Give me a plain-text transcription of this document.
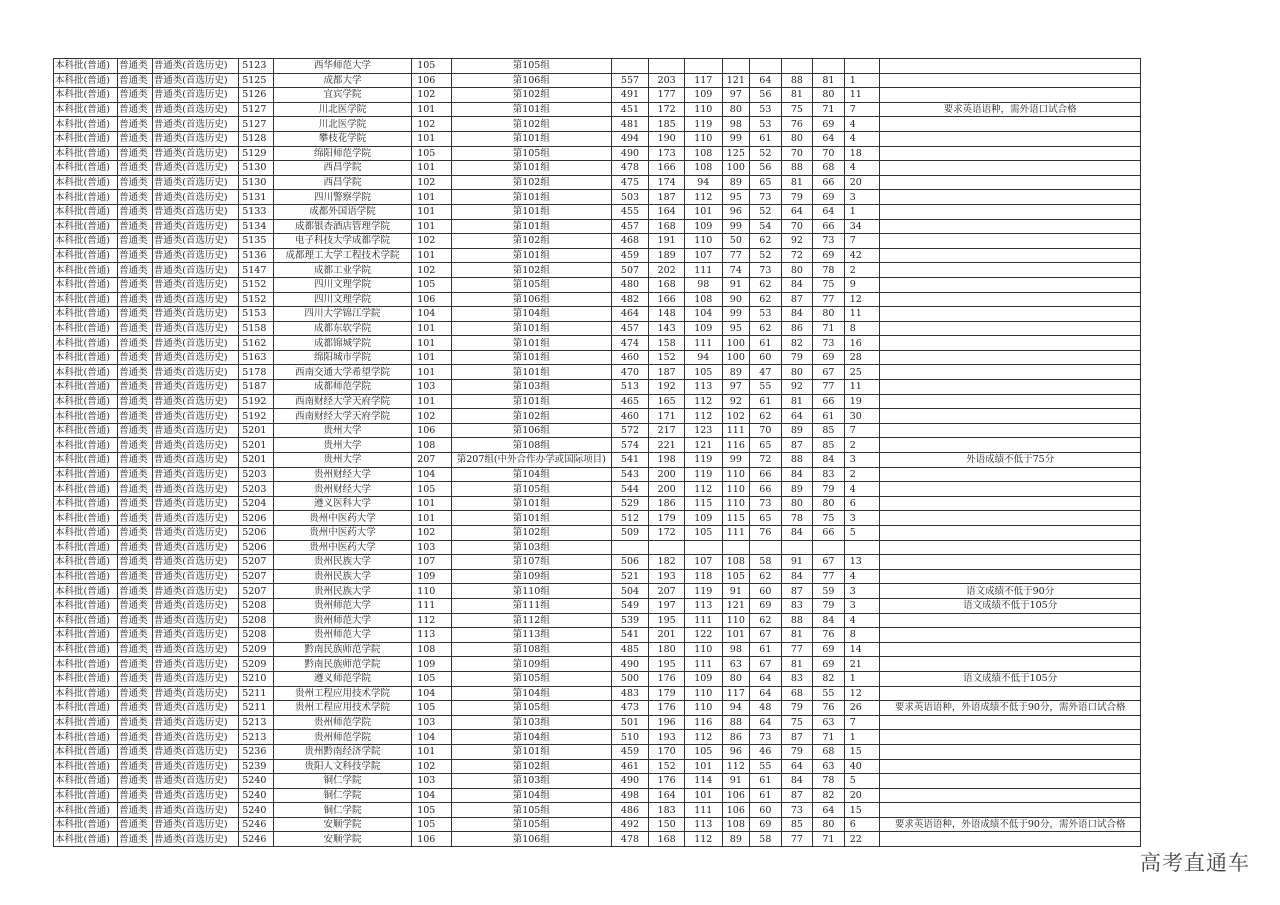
本科批(普通)	普通类	普通类(首选历史)	5123	西华师范大学	105	第105组									
本科批(普通)	普通类	普通类(首选历史)	5125	成都大学	106	第106组	557	203	117	121	64	88	81	1	
本科批(普通)	普通类	普通类(首选历史)	5126	宜宾学院	102	第102组	491	177	109	97	56	81	80	11	
本科批(普通)	普通类	普通类(首选历史)	5127	川北医学院	101	第101组	451	172	110	80	53	75	71	7	要求英语语种，需外语口试合格
本科批(普通)	普通类	普通类(首选历史)	5127	川北医学院	102	第102组	481	185	119	98	53	76	69	4	
本科批(普通)	普通类	普通类(首选历史)	5128	攀枝花学院	101	第101组	494	190	110	99	61	80	64	4	
本科批(普通)	普通类	普通类(首选历史)	5129	绵阳师范学院	105	第105组	490	173	108	125	52	70	70	18	
本科批(普通)	普通类	普通类(首选历史)	5130	西昌学院	101	第101组	478	166	108	100	56	88	68	4	
本科批(普通)	普通类	普通类(首选历史)	5130	西昌学院	102	第102组	475	174	94	89	65	81	66	20	
本科批(普通)	普通类	普通类(首选历史)	5131	四川警察学院	101	第101组	503	187	112	95	73	79	69	3	
本科批(普通)	普通类	普通类(首选历史)	5133	成都外国语学院	101	第101组	455	164	101	96	52	64	64	1	
本科批(普通)	普通类	普通类(首选历史)	5134	成都银杏酒店管理学院	101	第101组	457	168	109	99	54	70	66	34	
本科批(普通)	普通类	普通类(首选历史)	5135	电子科技大学成都学院	102	第102组	468	191	110	50	62	92	73	7	
本科批(普通)	普通类	普通类(首选历史)	5136	成都理工大学工程技术学院	101	第101组	459	189	107	77	52	72	69	42	
本科批(普通)	普通类	普通类(首选历史)	5147	成都工业学院	102	第102组	507	202	111	74	73	80	78	2	
本科批(普通)	普通类	普通类(首选历史)	5152	四川文理学院	105	第105组	480	168	98	91	62	84	75	9	
本科批(普通)	普通类	普通类(首选历史)	5152	四川文理学院	106	第106组	482	166	108	90	62	87	77	12	
本科批(普通)	普通类	普通类(首选历史)	5153	四川大学锦江学院	104	第104组	464	148	104	99	53	84	80	11	
本科批(普通)	普通类	普通类(首选历史)	5158	成都东软学院	101	第101组	457	143	109	95	62	86	71	8	
本科批(普通)	普通类	普通类(首选历史)	5162	成都锦城学院	101	第101组	474	158	111	100	61	82	73	16	
本科批(普通)	普通类	普通类(首选历史)	5163	绵阳城市学院	101	第101组	460	152	94	100	60	79	69	28	
本科批(普通)	普通类	普通类(首选历史)	5178	西南交通大学希望学院	101	第101组	470	187	105	89	47	80	67	25	
本科批(普通)	普通类	普通类(首选历史)	5187	成都师范学院	103	第103组	513	192	113	97	55	92	77	11	
本科批(普通)	普通类	普通类(首选历史)	5192	西南财经大学天府学院	101	第101组	465	165	112	92	61	81	66	19	
本科批(普通)	普通类	普通类(首选历史)	5192	西南财经大学天府学院	102	第102组	460	171	112	102	62	64	61	30	
本科批(普通)	普通类	普通类(首选历史)	5201	贵州大学	106	第106组	572	217	123	111	70	89	85	7	
本科批(普通)	普通类	普通类(首选历史)	5201	贵州大学	108	第108组	574	221	121	116	65	87	85	2	
本科批(普通)	普通类	普通类(首选历史)	5201	贵州大学	207	第207组(中外合作办学或国际项目)	541	198	119	99	72	88	84	3	外语成绩不低于75分
本科批(普通)	普通类	普通类(首选历史)	5203	贵州财经大学	104	第104组	543	200	119	110	66	84	83	2	
本科批(普通)	普通类	普通类(首选历史)	5203	贵州财经大学	105	第105组	544	200	112	110	66	89	79	4	
本科批(普通)	普通类	普通类(首选历史)	5204	遵义医科大学	101	第101组	529	186	115	110	73	80	80	6	
本科批(普通)	普通类	普通类(首选历史)	5206	贵州中医药大学	101	第101组	512	179	109	115	65	78	75	3	
本科批(普通)	普通类	普通类(首选历史)	5206	贵州中医药大学	102	第102组	509	172	105	111	76	84	66	5	
本科批(普通)	普通类	普通类(首选历史)	5206	贵州中医药大学	103	第103组									
本科批(普通)	普通类	普通类(首选历史)	5207	贵州民族大学	107	第107组	506	182	107	108	58	91	67	13	
本科批(普通)	普通类	普通类(首选历史)	5207	贵州民族大学	109	第109组	521	193	118	105	62	84	77	4	
本科批(普通)	普通类	普通类(首选历史)	5207	贵州民族大学	110	第110组	504	207	119	91	60	87	59	3	语文成绩不低于90分
本科批(普通)	普通类	普通类(首选历史)	5208	贵州师范大学	111	第111组	549	197	113	121	69	83	79	3	语文成绩不低于105分
本科批(普通)	普通类	普通类(首选历史)	5208	贵州师范大学	112	第112组	539	195	111	110	62	88	84	4	
本科批(普通)	普通类	普通类(首选历史)	5208	贵州师范大学	113	第113组	541	201	122	101	67	81	76	8	
本科批(普通)	普通类	普通类(首选历史)	5209	黔南民族师范学院	108	第108组	485	180	110	98	61	77	69	14	
本科批(普通)	普通类	普通类(首选历史)	5209	黔南民族师范学院	109	第109组	490	195	111	63	67	81	69	21	
本科批(普通)	普通类	普通类(首选历史)	5210	遵义师范学院	105	第105组	500	176	109	80	64	83	82	1	语文成绩不低于105分
本科批(普通)	普通类	普通类(首选历史)	5211	贵州工程应用技术学院	104	第104组	483	179	110	117	64	68	55	12	
本科批(普通)	普通类	普通类(首选历史)	5211	贵州工程应用技术学院	105	第105组	473	176	110	94	48	79	76	26	要求英语语种，外语成绩不低于90分，需外语口试合格
本科批(普通)	普通类	普通类(首选历史)	5213	贵州师范学院	103	第103组	501	196	116	88	64	75	63	7	
本科批(普通)	普通类	普通类(首选历史)	5213	贵州师范学院	104	第104组	510	193	112	86	73	87	71	1	
本科批(普通)	普通类	普通类(首选历史)	5236	贵州黔南经济学院	101	第101组	459	170	105	96	46	79	68	15	
本科批(普通)	普通类	普通类(首选历史)	5239	贵阳人文科技学院	102	第102组	461	152	101	112	55	64	63	40	
本科批(普通)	普通类	普通类(首选历史)	5240	铜仁学院	103	第103组	490	176	114	91	61	84	78	5	
本科批(普通)	普通类	普通类(首选历史)	5240	铜仁学院	104	第104组	498	164	101	106	61	87	82	20	
本科批(普通)	普通类	普通类(首选历史)	5240	铜仁学院	105	第105组	486	183	111	106	60	73	64	15	
本科批(普通)	普通类	普通类(首选历史)	5246	安顺学院	105	第105组	492	150	113	108	69	85	80	6	要求英语语种，外语成绩不低于90分，需外语口试合格
本科批(普通)	普通类	普通类(首选历史)	5246	安顺学院	106	第106组	478	168	112	89	58	77	71	22	
高考直通车
